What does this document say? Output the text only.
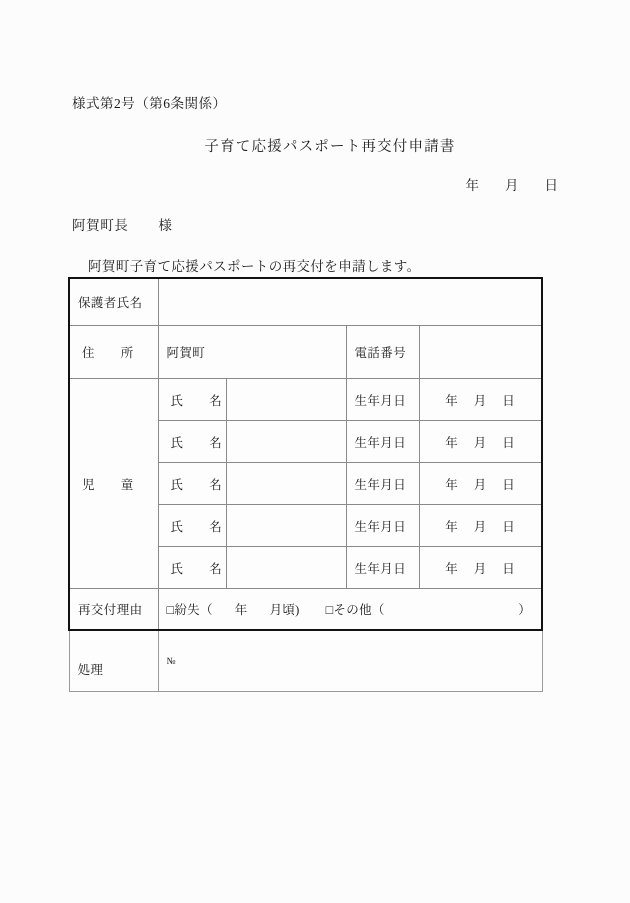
様式第2号（第6条関係）
子育て応援パスポート再交付申請書
年 月 日
阿賀町長 様
阿賀町子育て応援パスポートの再交付を申請します。
保護者氏名				

住　　所	阿賀町		電話番号	

児　　童	氏　　名		生年月日	年 月 日

氏　　名		生年月日	年 月 日

氏　　名		生年月日	年 月 日

氏　　名		生年月日	年 月 日

氏　　名		生年月日	年 月 日

再交付理由	□紛失（ 年 月頃) □その他（ ）			

処理	№			
